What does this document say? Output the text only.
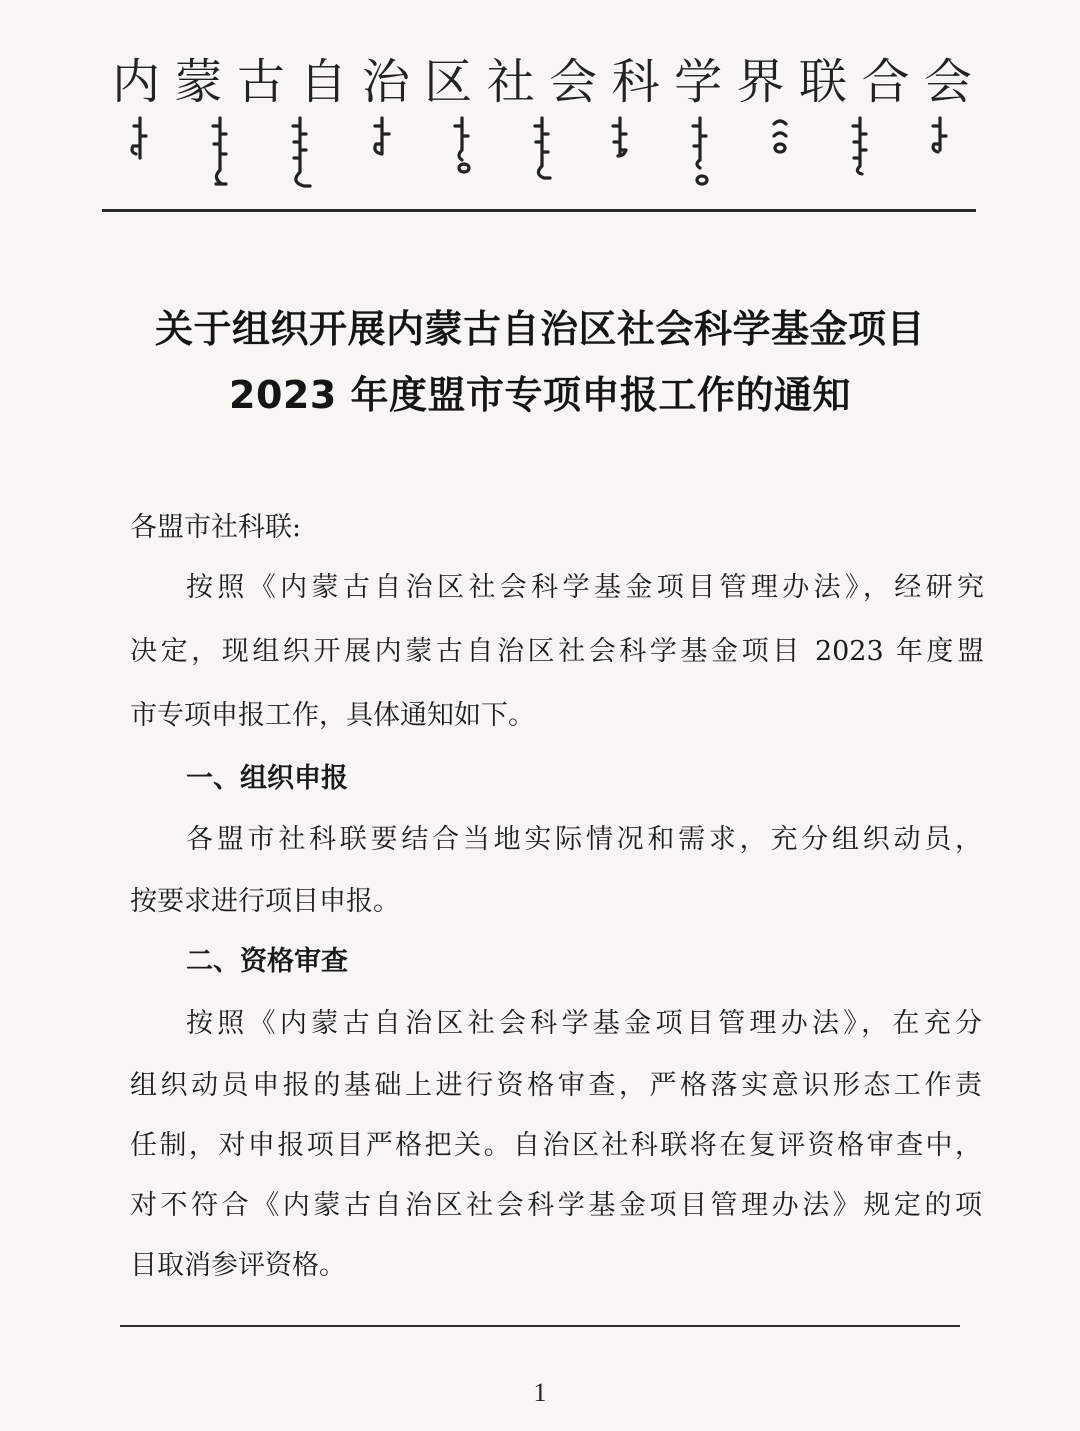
内 蒙 古 自 治 区 社 会 科 学 界 联 合 会
关于组织开展内蒙古自治区社会科学基金项目
2023 年度盟市专项申报工作的通知
各盟市社科联:
按照《内蒙古自治区社会科学基金项目管理办法》，经研究
决定，现组织开展内蒙古自治区社会科学基金项目 2023 年度盟
市专项申报工作，具体通知如下。
一、组织申报
各盟市社科联要结合当地实际情况和需求，充分组织动员，
按要求进行项目申报。
二、资格审查
按照《内蒙古自治区社会科学基金项目管理办法》，在充分
组织动员申报的基础上进行资格审查，严格落实意识形态工作责
任制，对申报项目严格把关。自治区社科联将在复评资格审查中，
对不符合《内蒙古自治区社会科学基金项目管理办法》规定的项
目取消参评资格。
1
